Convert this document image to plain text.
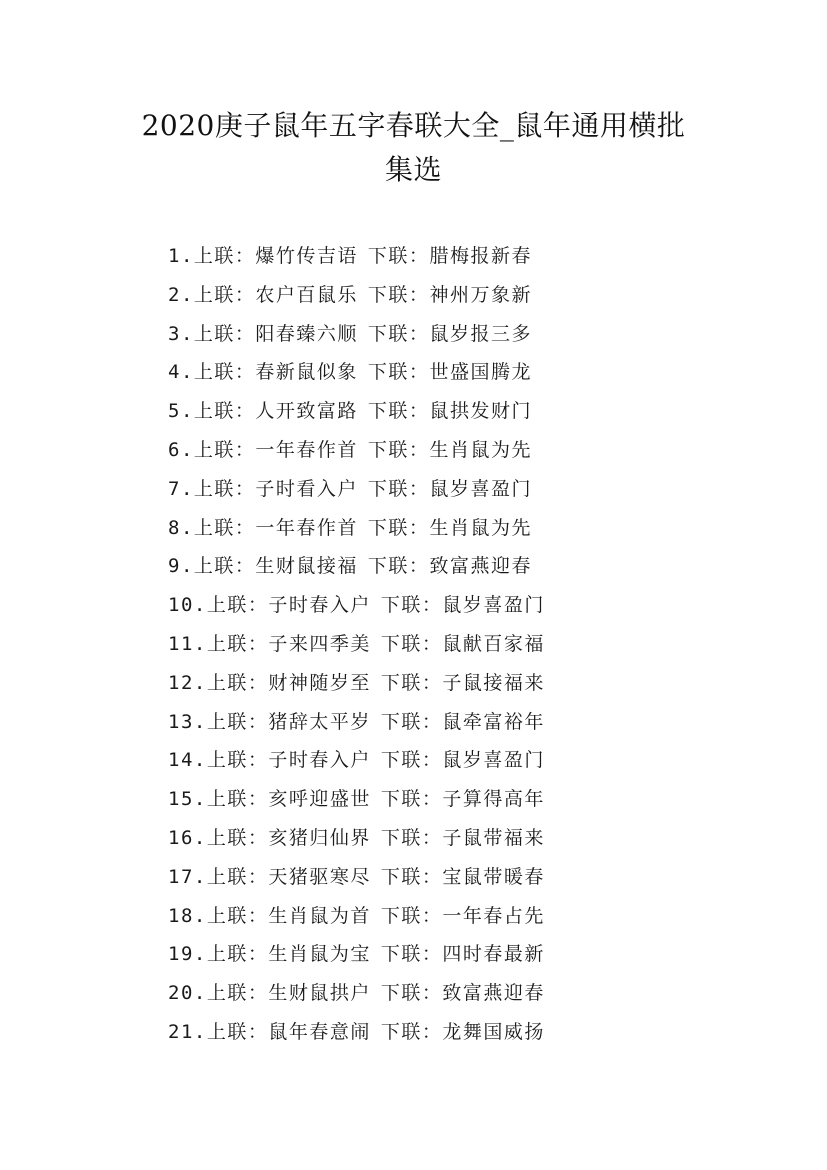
2020庚子鼠年五字春联大全_鼠年通用横批
集选
1.上联：爆竹传吉语 下联：腊梅报新春
2.上联：农户百鼠乐 下联：神州万象新
3.上联：阳春臻六顺 下联：鼠岁报三多
4.上联：春新鼠似象 下联：世盛国腾龙
5.上联：人开致富路 下联：鼠拱发财门
6.上联：一年春作首 下联：生肖鼠为先
7.上联：子时看入户 下联：鼠岁喜盈门
8.上联：一年春作首 下联：生肖鼠为先
9.上联：生财鼠接福 下联：致富燕迎春
10.上联：子时春入户 下联：鼠岁喜盈门
11.上联：子来四季美 下联：鼠献百家福
12.上联：财神随岁至 下联：子鼠接福来
13.上联：猪辞太平岁 下联：鼠牵富裕年
14.上联：子时春入户 下联：鼠岁喜盈门
15.上联：亥呼迎盛世 下联：子算得高年
16.上联：亥猪归仙界 下联：子鼠带福来
17.上联：天猪驱寒尽 下联：宝鼠带暖春
18.上联：生肖鼠为首 下联：一年春占先
19.上联：生肖鼠为宝 下联：四时春最新
20.上联：生财鼠拱户 下联：致富燕迎春
21.上联：鼠年春意闹 下联：龙舞国威扬
